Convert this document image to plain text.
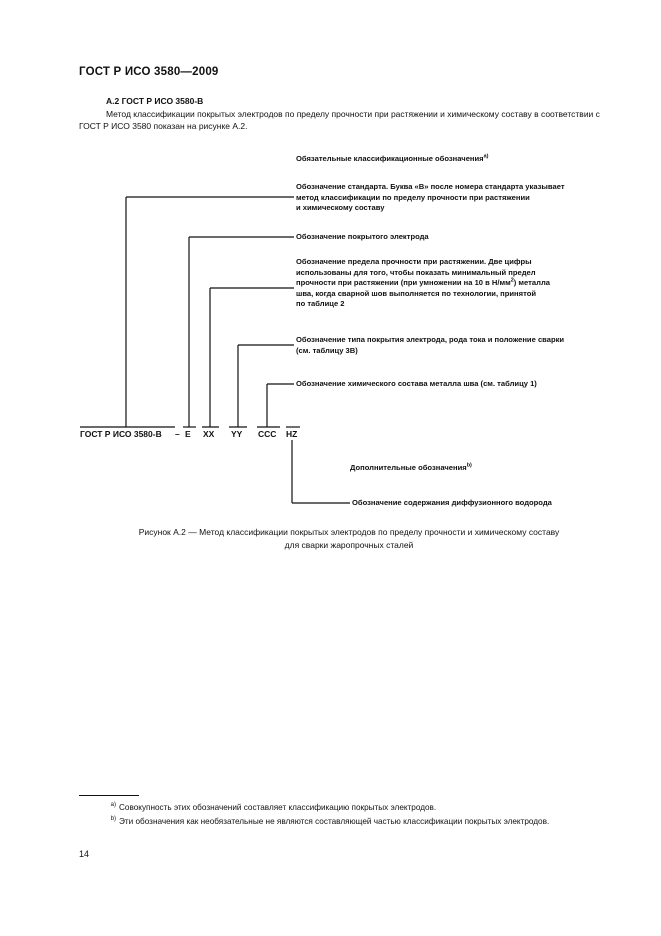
ГОСТ Р ИСО 3580—2009
А.2 ГОСТ Р ИСО 3580-В
Метод классификации покрытых электродов по пределу прочности при растяжении и химическому составу в соответствии с ГОСТ Р ИСО 3580 показан на рисунке А.2.
Обязательные классификационные обозначения$^{a)}$
Обозначение стандарта. Буква «В» после номера стандарта указывает
метод классификации по пределу прочности при растяжении
и химическому составу
Обозначение покрытого электрода
Обозначение предела прочности при растяжении. Две цифры
использованы для того, чтобы показать минимальный предел
прочности при растяжении (при умножении на 10 в $Н/мм^2$) металла
шва, когда сварной шов выполняется по технологии, принятой
по таблице 2
Обозначение типа покрытия электрода, рода тока и положение сварки
(см. таблицу 3B)
Обозначение химического состава металла шва (см. таблицу 1)
ГОСТ Р ИСО 3580-В – E XX YY CCC HZ
Дополнительные обозначения$^{b)}$
Обозначение содержания диффузионного водорода
Рисунок А.2 — Метод классификации покрытых электродов по пределу прочности и химическому составу
для сварки жаропрочных сталей
a) Совокупность этих обозначений составляет классификацию покрытых электродов.
b) Эти обозначения как необязательные не являются составляющей частью классификации покрытых электродов.
14
